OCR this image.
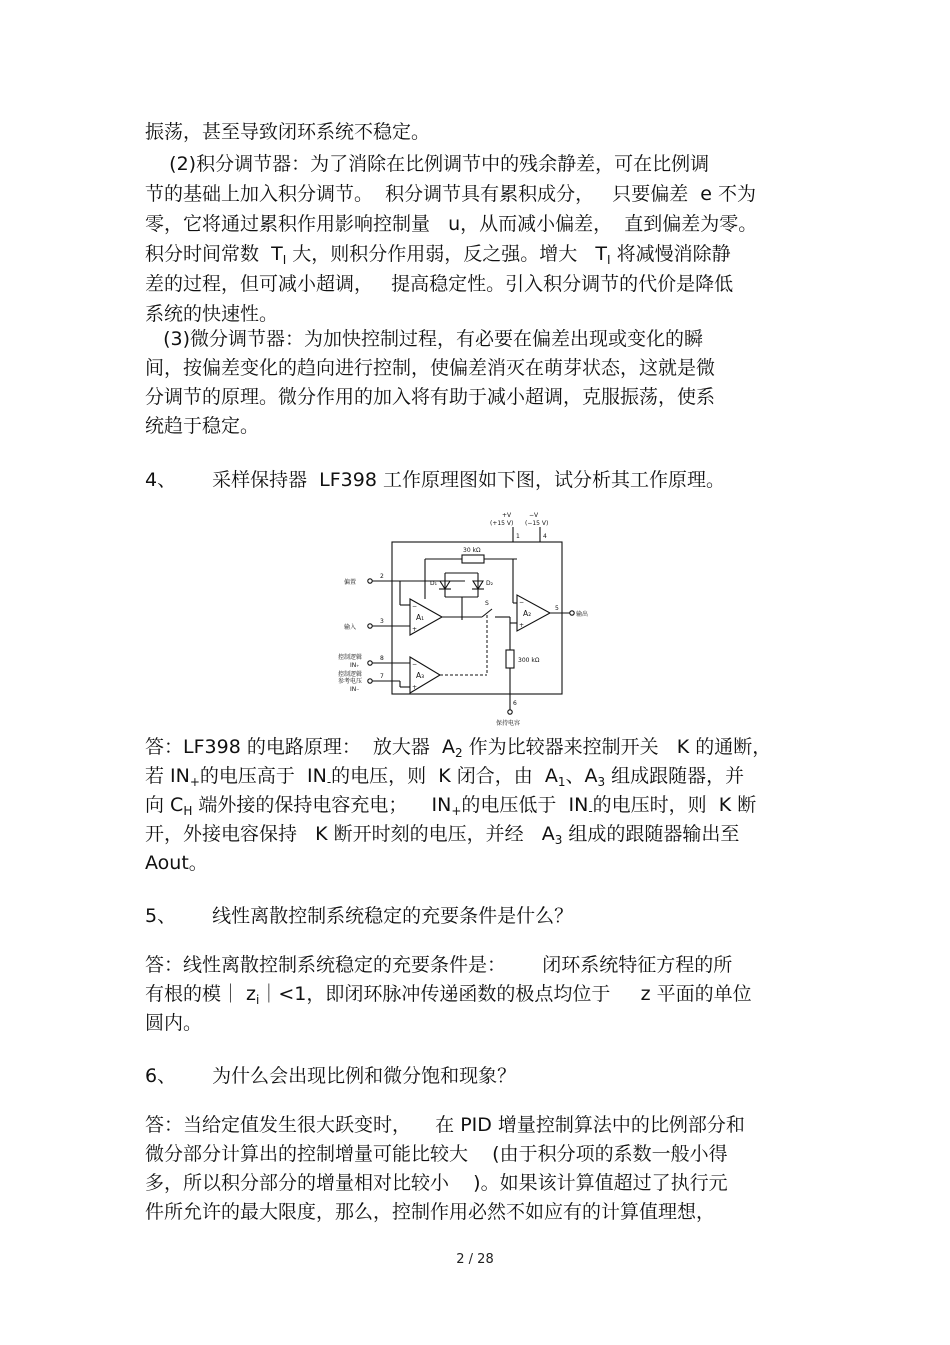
振荡，甚至导致闭环系统不稳定。
(2)积分调节器：为了消除在比例调节中的残余静差，可在比例调
节的基础上加入积分调节。  积分调节具有累积成分，   只要偏差  e 不为
零，它将通过累积作用影响控制量   u，从而减小偏差，  直到偏差为零。
积分时间常数  $T_I$ 大，则积分作用弱，反之强。增大   $T_I$ 将减慢消除静
差的过程，但可减小超调，   提高稳定性。引入积分调节的代价是降低
系统的快速性。
(3)微分调节器：为加快控制过程，有必要在偏差出现或变化的瞬
间，按偏差变化的趋向进行控制，使偏差消灭在萌芽状态，这就是微
分调节的原理。微分作用的加入将有助于减小超调，克服振荡，使系
统趋于稳定。
4、 采样保持器  LF398 工作原理图如下图，试分析其工作原理。
+V
(+15 V)
−V
(−15 V)
1	4
30 kΩ
偏置
2
D₁	D₂
A₁
−
+
输入
3
S
A₂
−
+
5
输出
300 kΩ
6
保持电容
A₃
−
+
控制逻辑
IN₊
8
控制逻辑
参考电压
IN₋
7
答：LF398 的电路原理：  放大器  $A_2$ 作为比较器来控制开关   K 的通断，
若 $IN_+$的电压高于  $IN_-$的电压，则  K 闭合，由  $A_1$、$A_3$ 组成跟随器，并
向 $C_H$ 端外接的保持电容充电；    $IN_+$的电压低于  $IN_-$的电压时，则  K 断
开，外接电容保持   K 断开时刻的电压，并经   $A_3$ 组成的跟随器输出至
Aout。
5、 线性离散控制系统稳定的充要条件是什么？
答：线性离散控制系统稳定的充要条件是：      闭环系统特征方程的所
有根的模｜ $z_i|<1$，即闭环脉冲传递函数的极点均位于     z 平面的单位
圆内。
6、 为什么会出现比例和微分饱和现象？
答：当给定值发生很大跃变时，    在 PID 增量控制算法中的比例部分和
微分部分计算出的控制增量可能比较大    (由于积分项的系数一般小得
多，所以积分部分的增量相对比较小    )。如果该计算值超过了执行元
件所允许的最大限度，那么，控制作用必然不如应有的计算值理想，
2 / 28
